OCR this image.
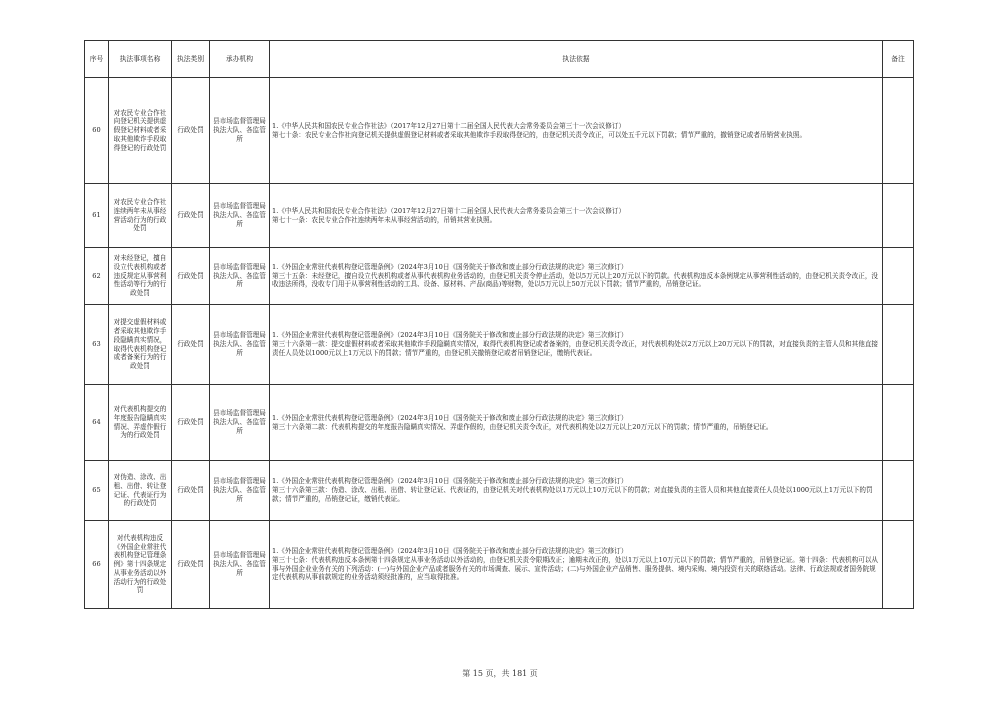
序号	执法事项名称	执法类别	承办机构	执法依据	备注
60	对农民专业合作社向登记机关提供虚假登记材料或者采取其他欺诈手段取得登记的行政处罚	行政处罚	县市场监督管理局执法大队、各监管所	1.《中华人民共和国农民专业合作社法》（2017年12月27日第十二届全国人民代表大会常务委员会第三十一次会议修订）
第七十条：农民专业合作社向登记机关提供虚假登记材料或者采取其他欺诈手段取得登记的，由登记机关责令改正，可以处五千元以下罚款；情节严重的，撤销登记或者吊销营业执照。	

61	对农民专业合作社连续两年未从事经营活动行为的行政处罚	行政处罚	县市场监督管理局执法大队、各监管所	1.《中华人民共和国农民专业合作社法》（2017年12月27日第十二届全国人民代表大会常务委员会第三十一次会议修订）
第七十一条：农民专业合作社连续两年未从事经营活动的，吊销其营业执照。	

62	对未经登记，擅自设立代表机构或者违反规定从事营利性活动等行为的行政处罚	行政处罚	县市场监督管理局执法大队、各监管所	1.《外国企业常驻代表机构登记管理条例》（2024年3月10日《国务院关于修改和废止部分行政法规的决定》第三次修订）
第三十五条：未经登记，擅自设立代表机构或者从事代表机构业务活动的，由登记机关责令停止活动，处以5万元以上20万元以下的罚款。代表机构违反本条例规定从事营利性活动的，由登记机关责令改正，没收违法所得，没收专门用于从事营利性活动的工具、设备、原材料、产品(商品)等财物，处以5万元以上50万元以下罚款；情节严重的，吊销登记证。	

63	对提交虚假材料或者采取其他欺诈手段隐瞒真实情况，取得代表机构登记或者备案行为的行政处罚	行政处罚	县市场监督管理局执法大队、各监管所	1.《外国企业常驻代表机构登记管理条例》（2024年3月10日《国务院关于修改和废止部分行政法规的决定》第三次修订）
第三十六条第一款：提交虚假材料或者采取其他欺诈手段隐瞒真实情况，取得代表机构登记或者备案的，由登记机关责令改正，对代表机构处以2万元以上20万元以下的罚款，对直接负责的主管人员和其他直接责任人员处以1000元以上1万元以下的罚款；情节严重的，由登记机关撤销登记或者吊销登记证，缴销代表证。	

64	对代表机构提交的年度报告隐瞒真实情况、弄虚作假行为的行政处罚	行政处罚	县市场监督管理局执法大队、各监管所	1.《外国企业常驻代表机构登记管理条例》（2024年3月10日《国务院关于修改和废止部分行政法规的决定》第三次修订）
第三十六条第二款：代表机构提交的年度报告隐瞒真实情况、弄虚作假的，由登记机关责令改正，对代表机构处以2万元以上20万元以下的罚款；情节严重的，吊销登记证。	

65	对伪造、涂改、出租、出借、转让登记证、代表证行为的行政处罚	行政处罚	县市场监督管理局执法大队、各监管所	1.《外国企业常驻代表机构登记管理条例》（2024年3月10日《国务院关于修改和废止部分行政法规的决定》第三次修订）
第三十六条第三款：伪造、涂改、出租、出借、转让登记证、代表证的，由登记机关对代表机构处以1万元以上10万元以下的罚款；对直接负责的主管人员和其他直接责任人员处以1000元以上1万元以下的罚款；情节严重的，吊销登记证，缴销代表证。	

66	对代表机构违反《外国企业常驻代表机构登记管理条例》第十四条规定从事业务活动以外活动行为的行政处罚	行政处罚	县市场监督管理局执法大队、各监管所	1.《外国企业常驻代表机构登记管理条例》（2024年3月10日《国务院关于修改和废止部分行政法规的决定》第三次修订）
第三十七条：代表机构违反本条例第十四条规定从事业务活动以外活动的，由登记机关责令限期改正；逾期未改正的，处以1万元以上10万元以下的罚款；情节严重的，吊销登记证。第十四条：代表机构可以从事与外国企业业务有关的下列活动：(一)与外国企业产品或者服务有关的市场调查、展示、宣传活动；(二)与外国企业产品销售、服务提供、境内采购、境内投资有关的联络活动。法律、行政法规或者国务院规定代表机构从事前款规定的业务活动须经批准的，应当取得批准。	

第 15 页，共 181 页
